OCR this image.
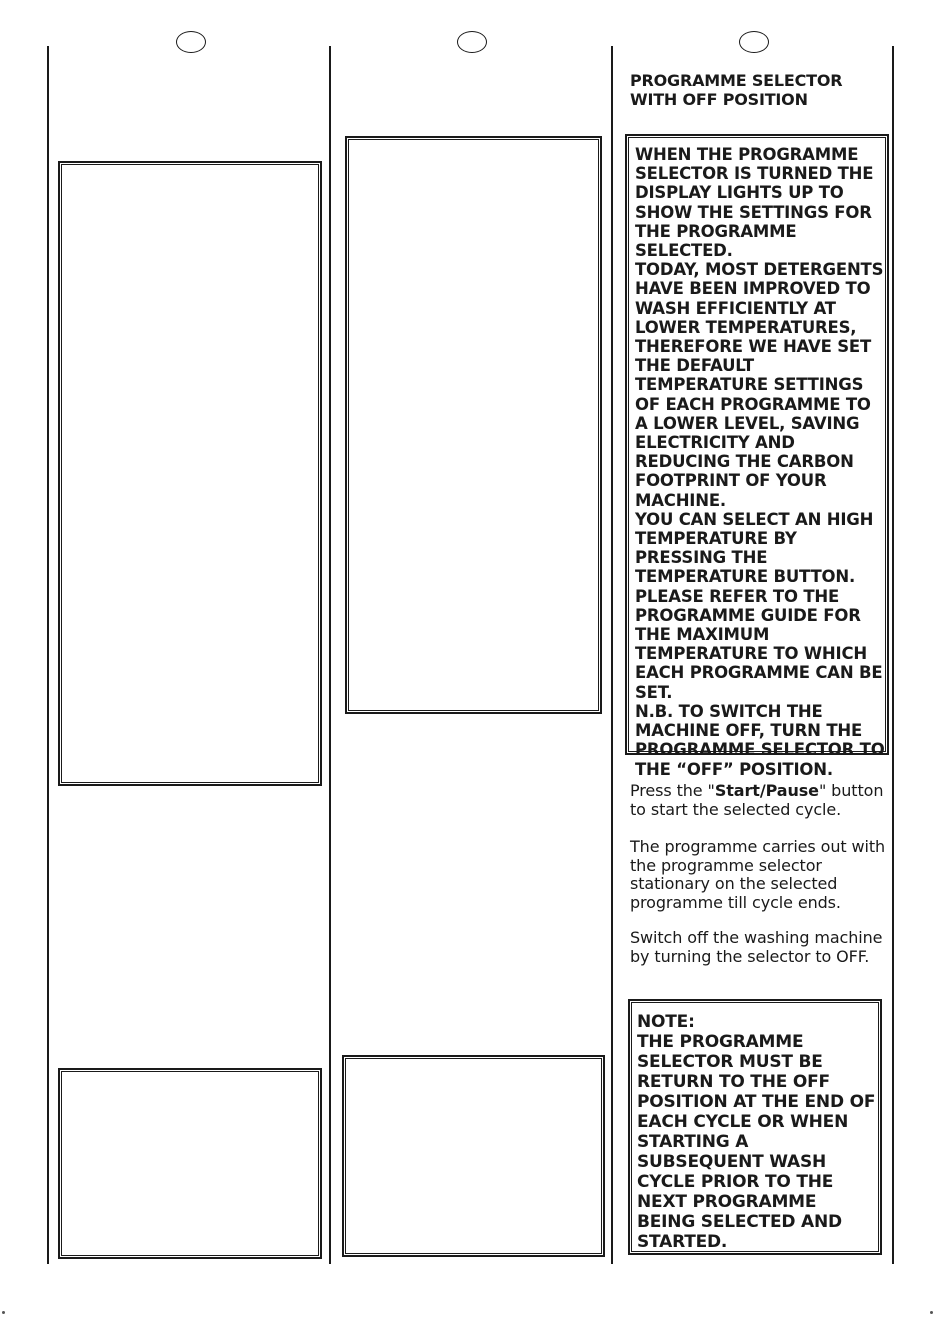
PROGRAMME SELECTOR WITH OFF POSITION

WHEN THE PROGRAMME SELECTOR IS TURNED THE DISPLAY LIGHTS UP TO SHOW THE SETTINGS FOR THE PROGRAMME SELECTED.

TODAY, MOST DETERGENTS HAVE BEEN IMPROVED TO WASH EFFICIENTLY AT LOWER TEMPERATURES, THEREFORE WE HAVE SET THE DEFAULT TEMPERATURE SETTINGS OF EACH PROGRAMME TO A LOWER LEVEL, SAVING ELECTRICITY AND REDUCING THE CARBON FOOTPRINT OF YOUR MACHINE.

YOU CAN SELECT AN HIGH TEMPERATURE BY PRESSING THE TEMPERATURE BUTTON.

PLEASE REFER TO THE PROGRAMME GUIDE FOR THE MAXIMUM TEMPERATURE TO WHICH EACH PROGRAMME CAN BE SET.

N.B. TO SWITCH THE MACHINE OFF, TURN THE PROGRAMME SELECTOR TO THE “OFF” POSITION.

Press the "Start/Pause" button to start the selected cycle.

The programme carries out with the programme selector stationary on the selected programme till cycle ends.

Switch off the washing machine by turning the selector to OFF.

NOTE:

THE PROGRAMME SELECTOR MUST BE RETURN TO THE OFF POSITION AT THE END OF EACH CYCLE OR WHEN STARTING A SUBSEQUENT WASH CYCLE PRIOR TO THE NEXT PROGRAMME BEING SELECTED AND STARTED.
